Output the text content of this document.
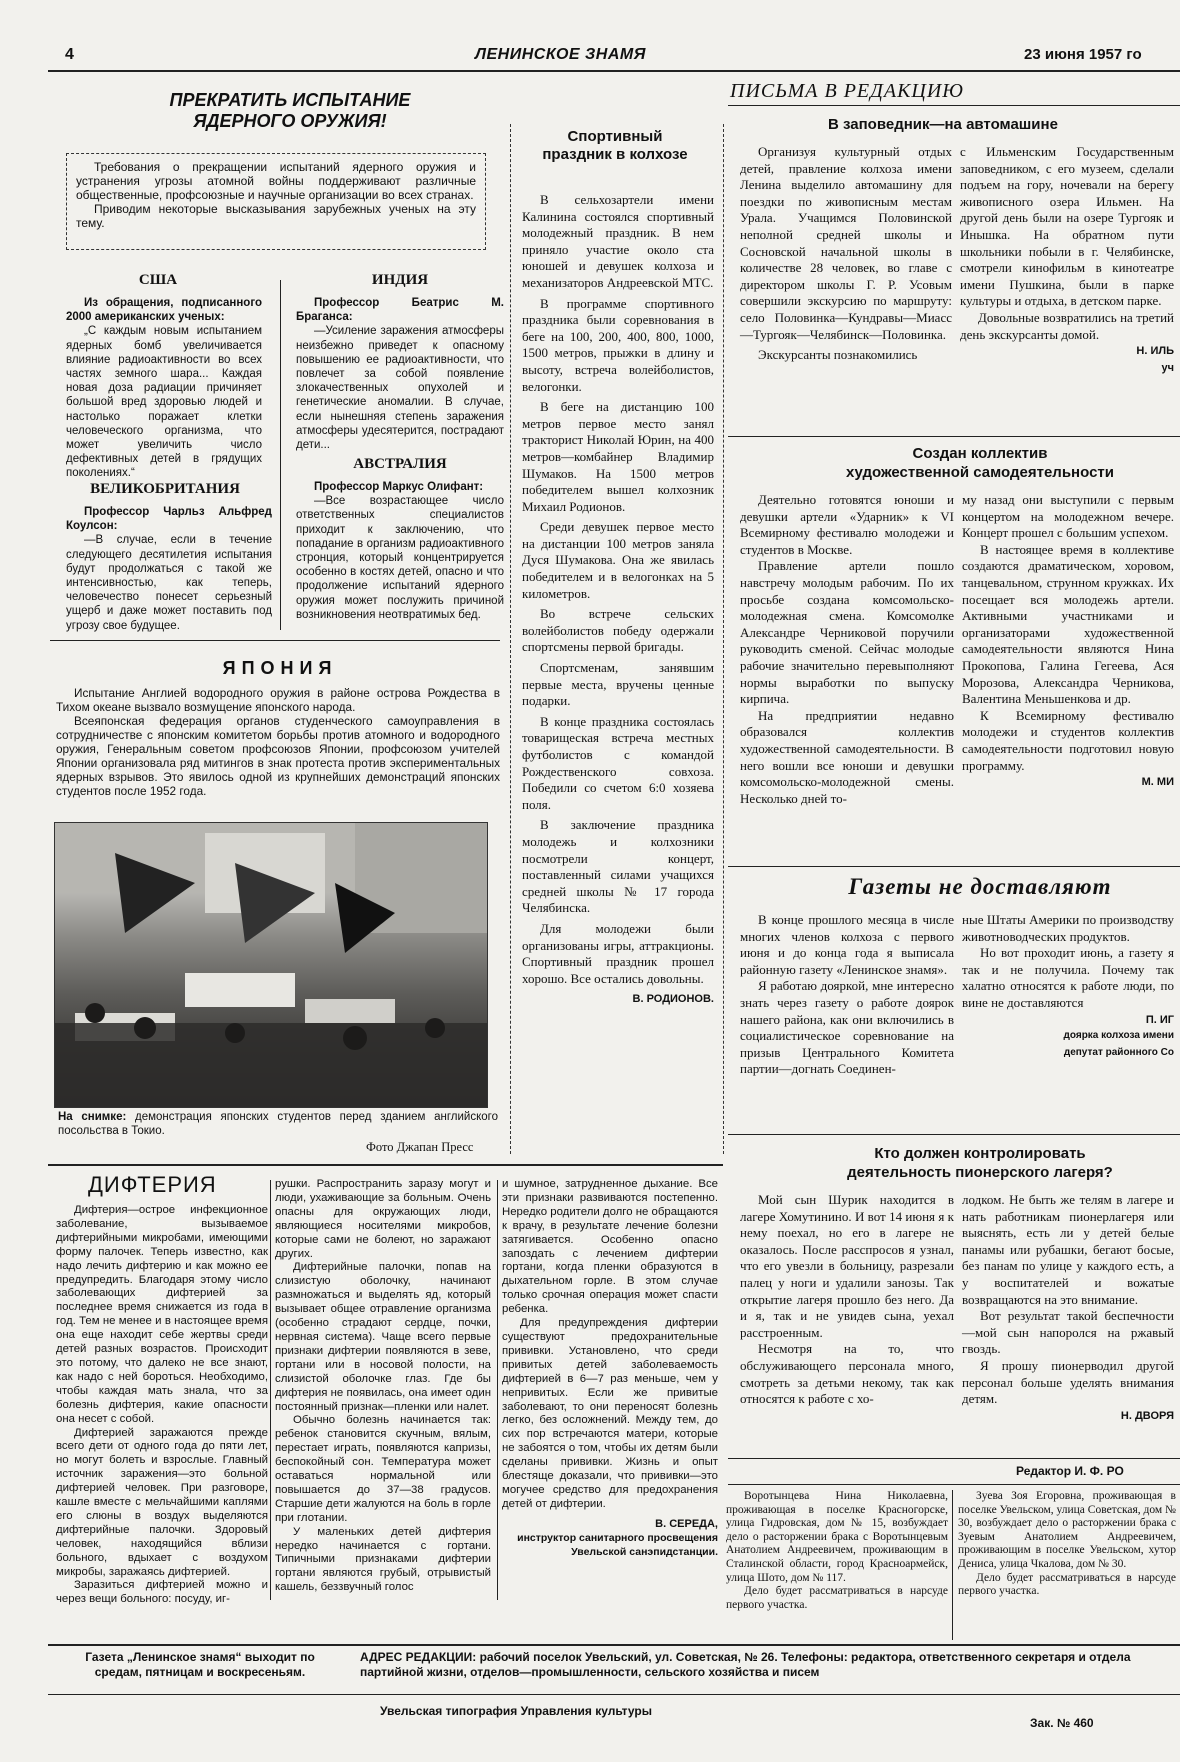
4	ЛЕНИНСКОЕ ЗНАМЯ	23 июня 1957 го
ПРЕКРАТИТЬ ИСПЫТАНИЕ
ЯДЕРНОГО ОРУЖИЯ!

Требования о прекращении испытаний ядерного оружия и устранения угрозы атомной войны поддерживают различные общественные, профсоюзные и научные организации во всех странах.

Приводим некоторые высказывания зарубежных ученых на эту тему.

США

Из обращения, подписанного 2000 американских ученых:

„С каждым новым испытанием ядерных бомб увеличивается влияние радиоактивности во всех частях земного шара... Каждая новая доза радиации причиняет большой вред здоровью людей и настолько поражает клетки человеческого организма, что может увеличить число дефективных детей в грядущих поколениях.“

ВЕЛИКОБРИТАНИЯ

Профессор Чарльз Альфред Коулсон:

—В случае, если в течение следующего десятилетия испытания будут продолжаться с такой же интенсивностью, как теперь, человечество понесет серьезный ущерб и даже может поставить под угрозу свое будущее.

ИНДИЯ

Профессор Беатрис М. Браганса:

—Усиление заражения атмосферы неизбежно приведет к опасному повышению ее радиоактивности, что повлечет за собой появление злокачественных опухолей и генетические аномалии. В случае, если нынешняя степень заражения атмосферы удесятерится, пострадают дети...

АВСТРАЛИЯ

Профессор Маркус Олифант:

—Все возрастающее число ответственных специалистов приходит к заключению, что попадание в организм радиоактивного стронция, который концентрируется особенно в костях детей, опасно и что продолжение испытаний ядерного оружия может послужить причиной возникновения неотвратимых бед.

ЯПОНИЯ

Испытание Англией водородного оружия в районе острова Рождества в Тихом океане вызвало возмущение японского народа.

Всеяпонская федерация органов студенческого самоуправления в сотрудничестве с японским комитетом борьбы против атомного и водородного оружия, Генеральным советом профсоюзов Японии, профсоюзом учителей Японии организовала ряд митингов в знак протеста против экспериментальных ядерных взрывов. Это явилось одной из крупнейших демонстраций японских студентов после 1952 года.

На снимке: демонстрация японских студентов перед зданием английского посольства в Токио.
Фото Джапан Пресс
Спортивный праздник в колхозе

В сельхозартели имени Калинина состоялся спортивный молодежный праздник. В нем приняло участие около ста юношей и девушек колхоза и механизаторов Андреевской МТС.

В программе спортивного праздника были соревнования в беге на 100, 200, 400, 800, 1000, 1500 метров, прыжки в длину и высоту, встреча волейболистов, велогонки.

В беге на дистанцию 100 метров первое место занял тракторист Николай Юрин, на 400 метров—комбайнер Владимир Шумаков. На 1500 метров победителем вышел колхозник Михаил Родионов.

Среди девушек первое место на дистанции 100 метров заняла Дуся Шумакова. Она же явилась победителем и в велогонках на 5 километров.

Во встрече сельских волейболистов победу одержали спортсмены первой бригады.

Спортсменам, занявшим первые места, вручены ценные подарки.

В конце праздника состоялась товарищеская встреча местных футболистов с командой Рождественского совхоза. Победили со счетом 6:0 хозяева поля.

В заключение праздника молодежь и колхозники посмотрели концерт, поставленный силами учащихся средней школы № 17 города Челябинска.

Для молодежи были организованы игры, аттракционы. Спортивный праздник прошел хорошо. Все остались довольны.

В. РОДИОНОВ.

ПИСЬМА В РЕДАКЦИЮ
В заповедник—на автомашине

Организуя культурный отдых детей, правление колхоза имени Ленина выделило автомашину для поездки по живописным местам Урала. Учащимся Половинской неполной средней школы и Сосновской начальной школы в количестве 28 человек, во главе с директором школы Г. Р. Усовым совершили экскурсию по маршруту: село Половинка—Кундравы—Миасс—Тургояк—Челябинск—Половинка.

Экскурсанты познакомились

с Ильменским Государственным заповедником, с его музеем, сделали подъем на гору, ночевали на берегу живописного озера Ильмен. На другой день были на озере Тургояк и Инышка. На обратном пути школьники побыли в г. Челябинске, смотрели кинофильм в кинотеатре имени Пушкина, были в парке культуры и отдыха, в детском парке.

Довольные возвратились на третий день экскурсанты домой.

Н. ИЛЬ

уч

Создан коллектив
художественной самодеятельности

Деятельно готовятся юноши и девушки артели «Ударник» к VI Всемирному фестивалю молодежи и студентов в Москве.

Правление артели пошло навстречу молодым рабочим. По их просьбе создана комсомольско-молодежная смена. Комсомолке Александре Черниковой поручили руководить сменой. Сейчас молодые рабочие значительно перевыполняют нормы выработки по выпуску кирпича.

На предприятии недавно образовался коллектив художественной самодеятельности. В него вошли все юноши и девушки комсомольско-молодежной смены. Несколько дней то-

му назад они выступили с первым концертом на молодежном вечере. Концерт прошел с большим успехом.

В настоящее время в коллективе создаются драматическом, хоровом, танцевальном, струнном кружках. Их посещает вся молодежь артели. Активными участниками и организаторами художественной самодеятельности являются Нина Прокопова, Галина Гегеева, Ася Морозова, Александра Черникова, Валентина Меньшенкова и др.

К Всемирному фестивалю молодежи и студентов коллектив самодеятельности подготовил новую программу.

М. МИ

Газеты не доставляют

В конце прошлого месяца в числе многих членов колхоза с первого июня и до конца года я выписала районную газету «Ленинское знамя».

Я работаю дояркой, мне интересно знать через газету о работе доярок нашего района, как они включились в социалистическое соревнование на призыв Центрального Комитета партии—догнать Соединен-

ные Штаты Америки по производству животноводческих продуктов.

Но вот проходит июнь, а газету я так и не получила. Почему так халатно относятся к работе люди, по вине не доставляются

П. ИГ

доярка колхоза имени

депутат районного Со

Кто должен контролировать
деятельность пионерского лагеря?

Мой сын Шурик находится в лагере Хомутинино. И вот 14 июня я к нему поехал, но его в лагере не оказалось. После расспросов я узнал, что его увезли в больницу, разрезали палец у ноги и удалили занозы. Так открытие лагеря прошло без него. Да и я, так и не увидев сына, уехал расстроенным.

Несмотря на то, что обслуживающего персонала много, смотреть за детьми некому, так как относятся к работе с хо-

лодком. Не быть же телям в лагере и нать работникам пионерлагеря или выяснять, есть ли у детей белые панамы или рубашки, бегают босые, без панам по улице у каждого есть, а у воспитателей и вожатые возвращаются на это внимание.

Вот результат такой беспечности—мой сын напоролся на ржавый гвоздь.

Я прошу пионерводил другой персонал больше уделять внимания детям.

Н. ДВОРЯ

Редактор И. Ф. РО

Воротынцева Нина Николаевна, проживающая в поселке Красногорске, улица Гидровская, дом № 15, возбуждает дело о расторжении брака с Воротынцевым Анатолием Андреевичем, проживающим в Сталинской области, город Красноармейск, улица Шото, дом № 117.

Дело будет рассматриваться в нарсуде первого участка.

Зуева Зоя Егоровна, проживающая в поселке Увельском, улица Советская, дом № 30, возбуждает дело о расторжении брака с Зуевым Анатолием Андреевичем, проживающим в поселке Увельском, хутор Дениса, улица Чкалова, дом № 30.

Дело будет рассматриваться в нарсуде первого участка.

ДИФТЕРИЯ

Дифтерия—острое инфекционное заболевание, вызываемое дифтерийными микробами, имеющими форму палочек. Теперь известно, как надо лечить дифтерию и как можно ее предупредить. Благодаря этому число заболевающих дифтерией за последнее время снижается из года в год. Тем не менее и в настоящее время она еще находит себе жертвы среди детей разных возрастов. Происходит это потому, что далеко не все знают, как надо с ней бороться. Необходимо, чтобы каждая мать знала, что за болезнь дифтерия, какие опасности она несет с собой.

Дифтерией заражаются прежде всего дети от одного года до пяти лет, но могут болеть и взрослые. Главный источник заражения—это больной дифтерией человек. При разговоре, кашле вместе с мельчайшими каплями его слюны в воздух выделяются дифтерийные палочки. Здоровый человек, находящийся вблизи больного, вдыхает с воздухом микробы, заражаясь дифтерией.

Заразиться дифтерией можно и через вещи больного: посуду, иг-

рушки. Распространить заразу могут и люди, ухаживающие за больным. Очень опасны для окружающих люди, являющиеся носителями микробов, которые сами не болеют, но заражают других.

Дифтерийные палочки, попав на слизистую оболочку, начинают размножаться и выделять яд, который вызывает общее отравление организма (особенно страдают сердце, почки, нервная система). Чаще всего первые признаки дифтерии появляются в зеве, гортани или в носовой полости, на слизистой оболочке глаз. Где бы дифтерия не появилась, она имеет один постоянный признак—пленки или налет.

Обычно болезнь начинается так: ребенок становится скучным, вялым, перестает играть, появляются капризы, беспокойный сон. Температура может оставаться нормальной или повышается до 37—38 градусов. Старшие дети жалуются на боль в горле при глотании.

У маленьких детей дифтерия нередко начинается с гортани. Типичными признаками дифтерии гортани являются грубый, отрывистый кашель, беззвучный голос

и шумное, затрудненное дыхание. Все эти признаки развиваются постепенно. Нередко родители долго не обращаются к врачу, в результате лечение болезни затягивается. Особенно опасно запоздать с лечением дифтерии гортани, когда пленки образуются в дыхательном горле. В этом случае только срочная операция может спасти ребенка.

Для предупреждения дифтерии существуют предохранительные прививки. Установлено, что среди привитых детей заболеваемость дифтерией в 6—7 раз меньше, чем у непривитых. Если же привитые заболевают, то они переносят болезнь легко, без осложнений. Между тем, до сих пор встречаются матери, которые не забоятся о том, чтобы их детям были сделаны прививки. Жизнь и опыт блестяще доказали, что прививки—это могучее средство для предохранения детей от дифтерии.

В. СЕРЕДА,

инструктор санитарного просвещения Увельской санэпидстанции.

Газета „Ленинское знамя“ выходит по средам, пятницам и воскресеньям.
АДРЕС РЕДАКЦИИ: рабочий поселок Увельский, ул. Советская, № 26. Телефоны: редактора, ответственного секретаря и отдела партийной жизни, отделов—промышленности, сельского хозяйства и писем
Увельская типография Управления культуры
Зак. № 460
